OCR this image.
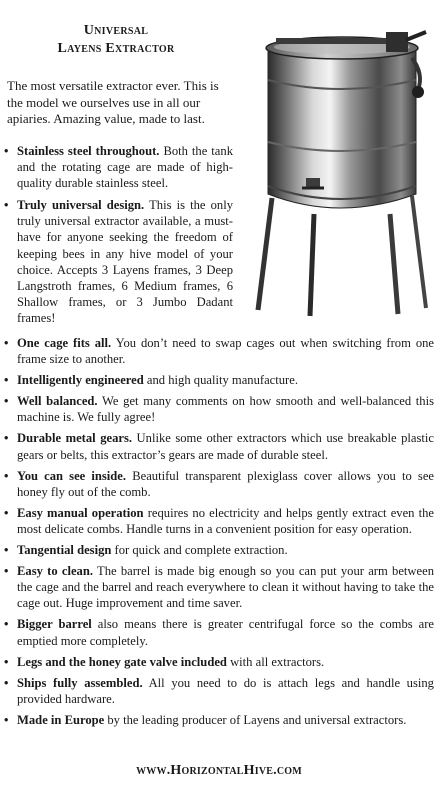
Universal
Layens Extractor
The most versatile extractor ever. This is the model we ourselves use in all our apiaries. Amazing value, made to last.
• Stainless steel throughout. Both the tank and the rotating cage are made of high-quality durable stainless steel.
• Truly universal design. This is the only truly universal extractor available, a must-have for anyone seeking the freedom of keeping bees in any hive model of your choice. Accepts 3 Layens frames, 3 Deep Langstroth frames, 6 Medium frames, 6 Shallow frames, or 3 Jumbo Dadant frames!
• One cage fits all. You don’t need to swap cages out when switching from one frame size to another.
• Intelligently engineered and high quality manufacture.
• Well balanced. We get many comments on how smooth and well-balanced this machine is. We fully agree!
• Durable metal gears. Unlike some other extractors which use breakable plastic gears or belts, this extractor’s gears are made of durable steel.
• You can see inside. Beautiful transparent plexiglass cover allows you to see honey fly out of the comb.
• Easy manual operation requires no electricity and helps gently extract even the most delicate combs. Handle turns in a convenient position for easy operation.
• Tangential design for quick and complete extraction.
• Easy to clean. The barrel is made big enough so you can put your arm between the cage and the barrel and reach everywhere to clean it without having to take the cage out. Huge improvement and time saver.
• Bigger barrel also means there is greater centrifugal force so the combs are emptied more completely.
• Legs and the honey gate valve included with all extractors.
• Ships fully assembled. All you need to do is attach legs and handle using provided hardware.
• Made in Europe by the leading producer of Layens and universal extractors.
www.HorizontalHive.com
